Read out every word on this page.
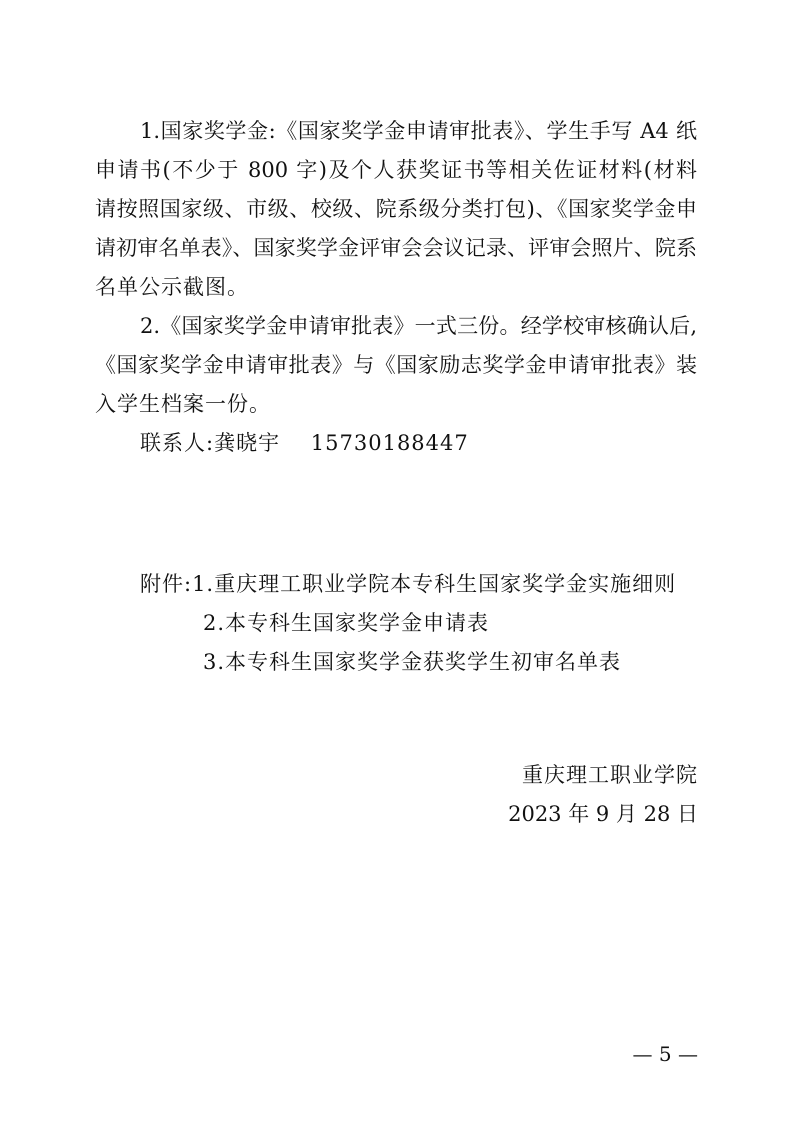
1.国家奖学金:《国家奖学金申请审批表》、学生手写 A4 纸
申请书(不少于 800 字)及个人获奖证书等相关佐证材料(材料
请按照国家级、市级、校级、院系级分类打包)、《国家奖学金申
请初审名单表》、国家奖学金评审会会议记录、评审会照片、院系
名单公示截图。
2.《国家奖学金申请审批表》一式三份。经学校审核确认后,
《国家奖学金申请审批表》与《国家励志奖学金申请审批表》装
入学生档案一份。
联系人:龚晓宇    15730188447
附件:1.重庆理工职业学院本专科生国家奖学金实施细则
2.本专科生国家奖学金申请表
3.本专科生国家奖学金获奖学生初审名单表
重庆理工职业学院
2023 年 9 月 28 日
— 5 —
